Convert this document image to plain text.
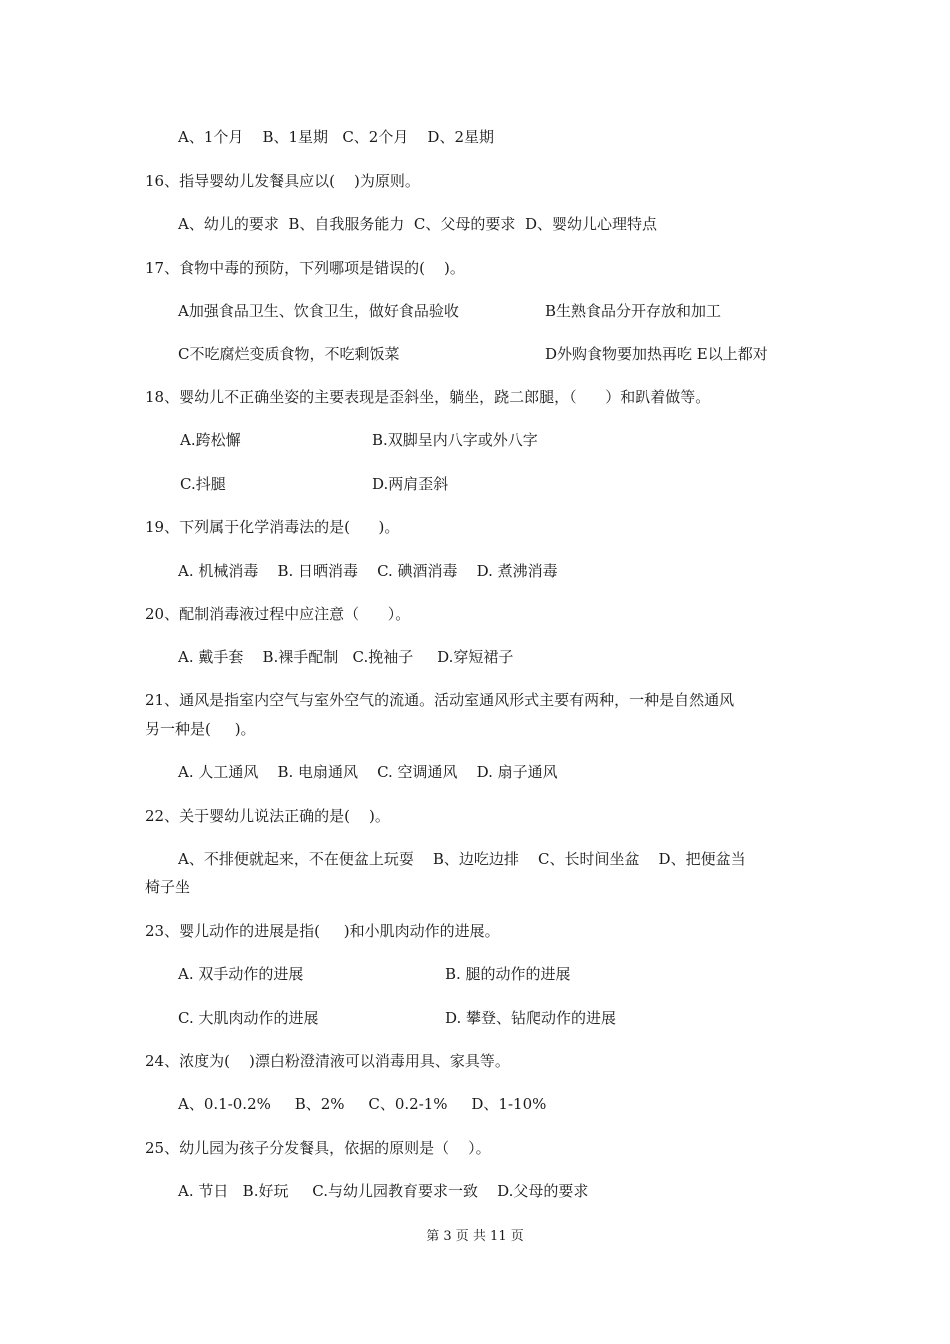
A、1个月    B、1星期   C、2个月    D、2星期
16、指导婴幼儿发餐具应以(    )为原则。
A、幼儿的要求  B、自我服务能力  C、父母的要求  D、婴幼儿心理特点
17、食物中毒的预防，下列哪项是错误的(    )。
A加强食品卫生、饮食卫生，做好食品验收	B生熟食品分开存放和加工
C不吃腐烂变质食物，不吃剩饭菜	D外购食物要加热再吃 E以上都对
18、婴幼儿不正确坐姿的主要表现是歪斜坐，躺坐，跷二郎腿，（      ）和趴着做等。
A.跨松懈	B.双脚呈内八字或外八字
C.抖腿	D.两肩歪斜
19、下列属于化学消毒法的是(      )。
A. 机械消毒    B. 日晒消毒    C. 碘酒消毒    D. 煮沸消毒
20、配制消毒液过程中应注意（      ）。
A. 戴手套    B.裸手配制   C.挽袖子     D.穿短裙子
21、通风是指室内空气与室外空气的流通。活动室通风形式主要有两种，一种是自然通风
另一种是(     )。
A. 人工通风    B. 电扇通风    C. 空调通风    D. 扇子通风
22、关于婴幼儿说法正确的是(    )。
A、不排便就起来，不在便盆上玩耍    B、边吃边排    C、长时间坐盆    D、把便盆当
椅子坐
23、婴儿动作的进展是指(     )和小肌肉动作的进展。
A. 双手动作的进展	B. 腿的动作的进展
C. 大肌肉动作的进展	D. 攀登、钻爬动作的进展
24、浓度为(    )漂白粉澄清液可以消毒用具、家具等。
A、0.1-0.2%     B、2%     C、0.2-1%     D、1-10%
25、幼儿园为孩子分发餐具，依据的原则是（    ）。
A. 节日   B.好玩     C.与幼儿园教育要求一致    D.父母的要求
第 3 页 共 11 页
